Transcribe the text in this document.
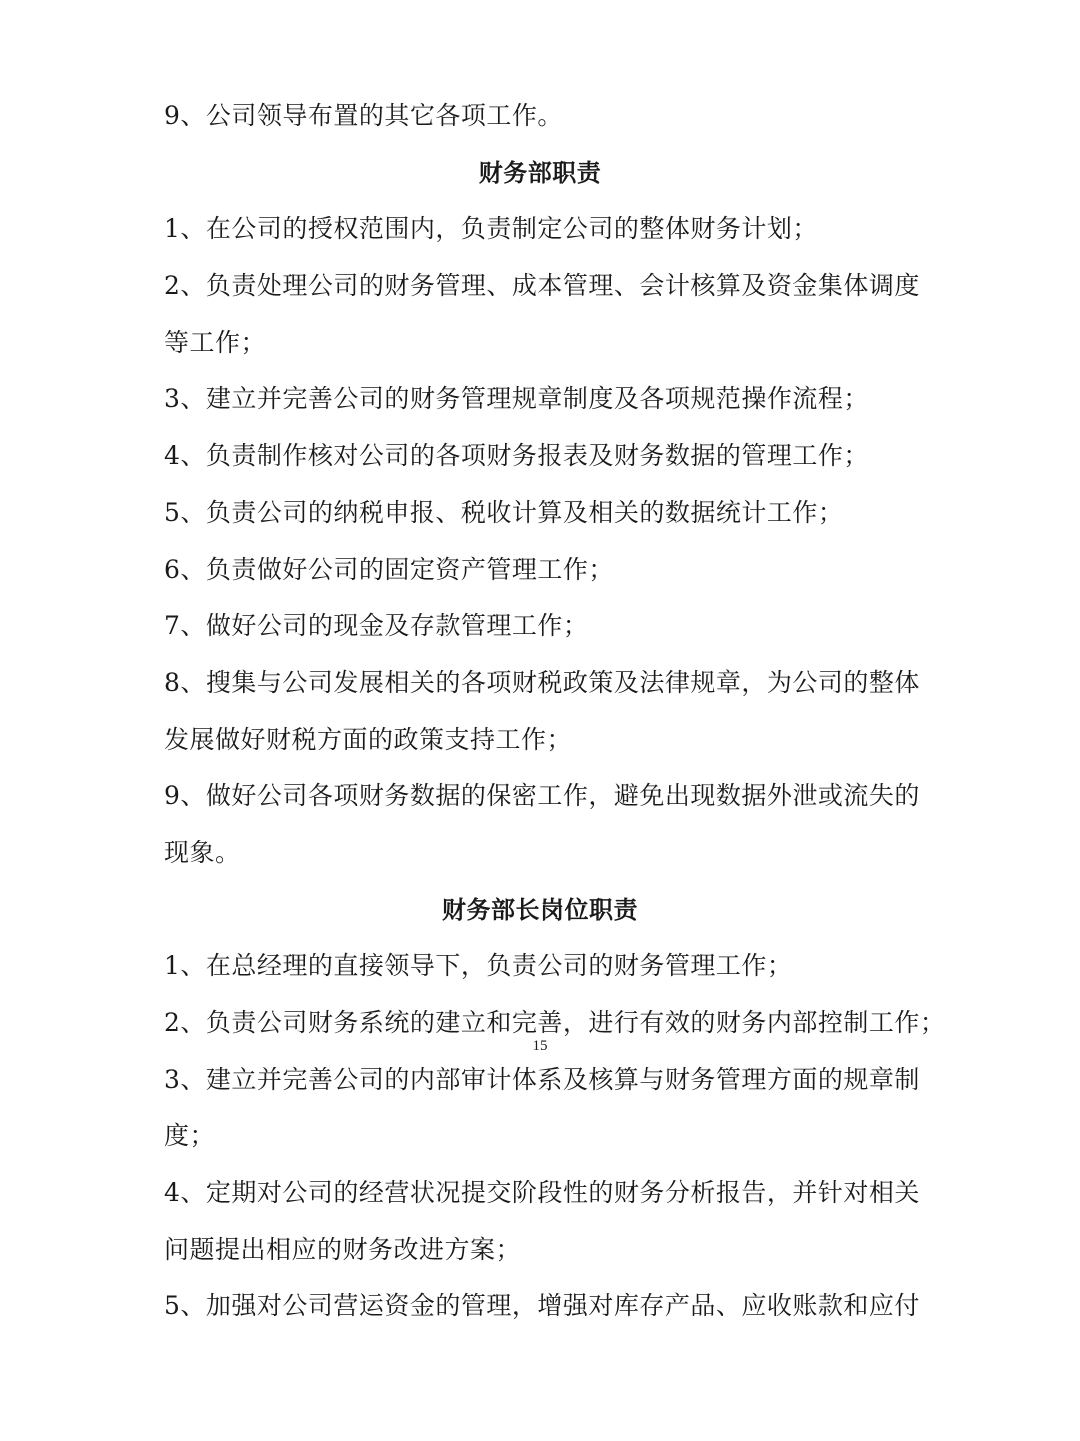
9、公司领导布置的其它各项工作。
财务部职责
1、在公司的授权范围内，负责制定公司的整体财务计划；
2、负责处理公司的财务管理、成本管理、会计核算及资金集体调度
等工作；
3、建立并完善公司的财务管理规章制度及各项规范操作流程；
4、负责制作核对公司的各项财务报表及财务数据的管理工作；
5、负责公司的纳税申报、税收计算及相关的数据统计工作；
6、负责做好公司的固定资产管理工作；
7、做好公司的现金及存款管理工作；
8、搜集与公司发展相关的各项财税政策及法律规章，为公司的整体
发展做好财税方面的政策支持工作；
9、做好公司各项财务数据的保密工作，避免出现数据外泄或流失的
现象。
财务部长岗位职责
1、在总经理的直接领导下，负责公司的财务管理工作；
2、负责公司财务系统的建立和完善，进行有效的财务内部控制工作；
3、建立并完善公司的内部审计体系及核算与财务管理方面的规章制
度；
4、定期对公司的经营状况提交阶段性的财务分析报告，并针对相关
问题提出相应的财务改进方案；
5、加强对公司营运资金的管理，增强对库存产品、应收账款和应付
15
